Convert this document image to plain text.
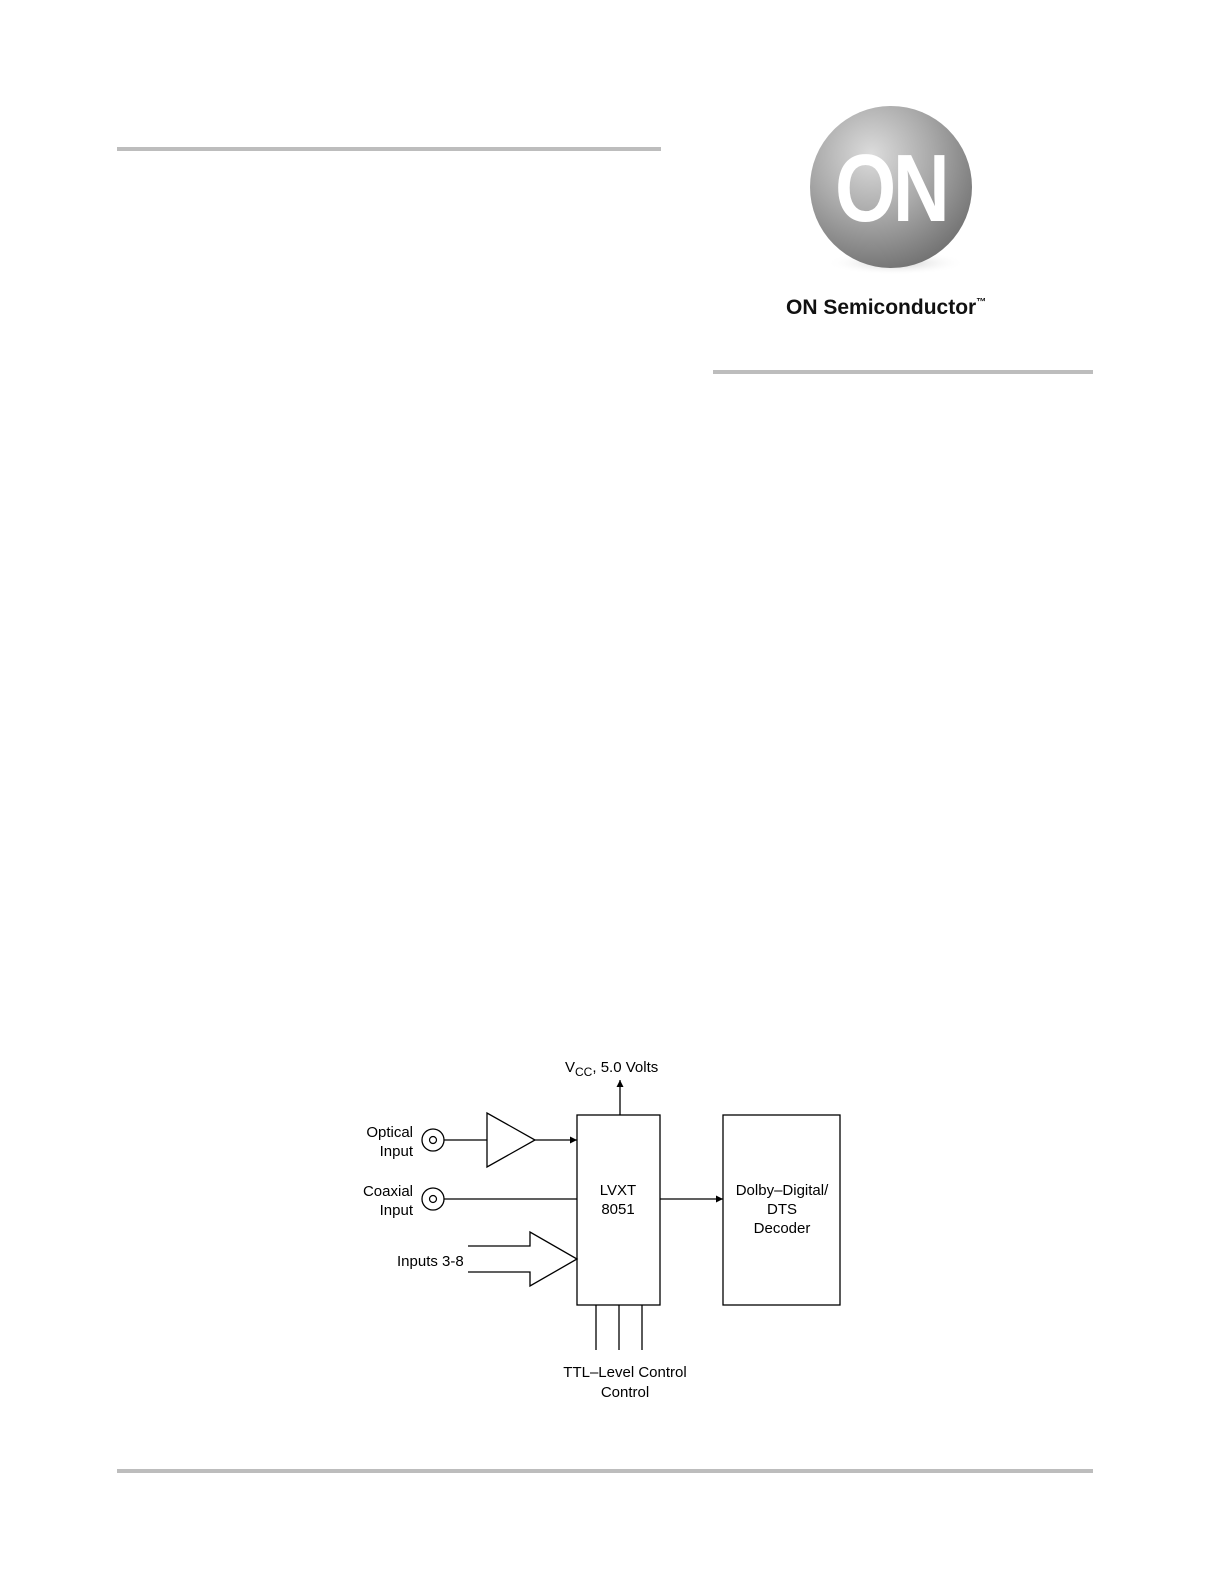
ON
ON Semiconductor™
$V_{CC}$, 5.0 Volts
LVXT
8051
Dolby–Digital/
DTS
Decoder
Optical
Input
Coaxial
Input
Inputs 3-8
TTL–Level Control
Control
